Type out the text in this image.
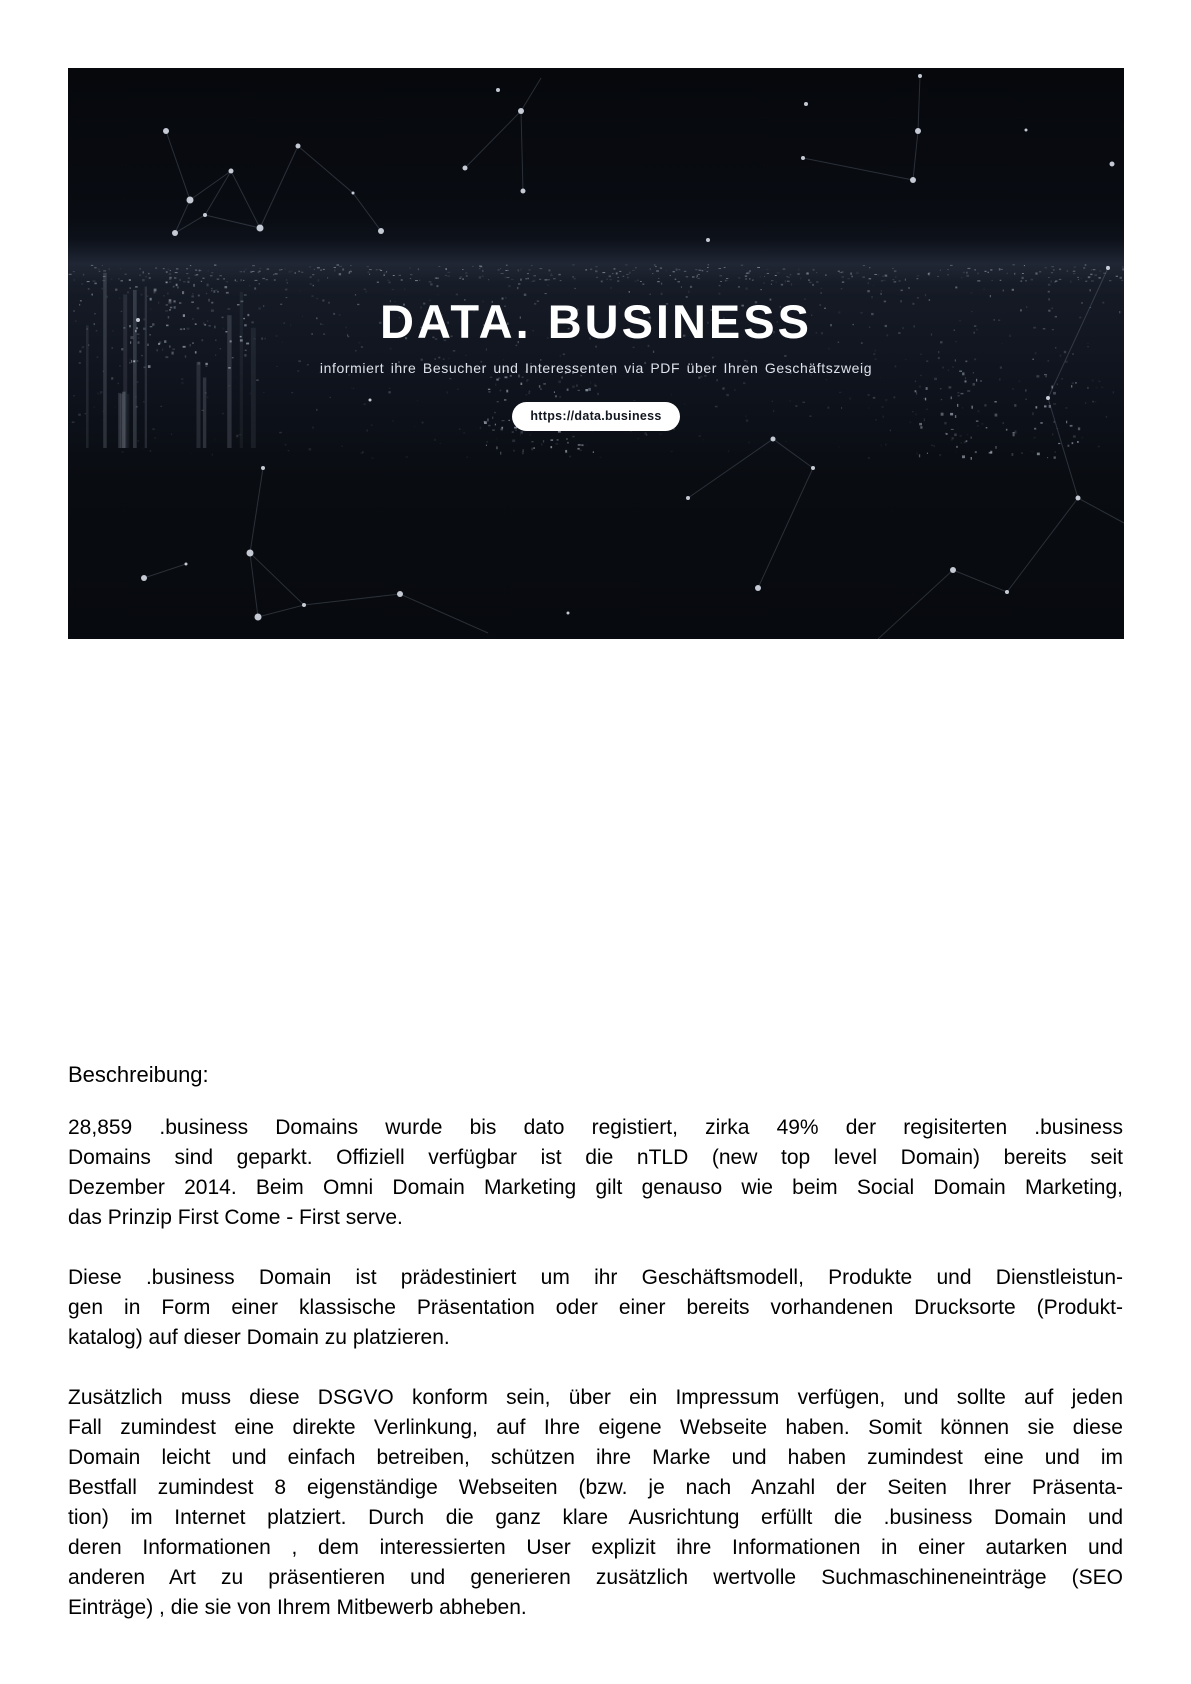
DATA. BUSINESS
informiert ihre Besucher und Interessenten via PDF über Ihren Geschäftszweig
https://data.business
Beschreibung:
28,859 .business Domains wurde bis dato registiert, zirka 49% der regisiterten .business
Domains sind geparkt. Offiziell verfügbar ist die nTLD (new top level Domain) bereits seit
Dezember 2014. Beim Omni Domain Marketing gilt genauso wie beim Social Domain Marketing,
das Prinzip First Come - First serve.
Diese .business Domain ist prädestiniert um ihr Geschäftsmodell, Produkte und Dienstleistun-
gen in Form einer klassische Präsentation oder einer bereits vorhandenen Drucksorte (Produkt-
katalog) auf dieser Domain zu platzieren.
Zusätzlich muss diese DSGVO konform sein, über ein Impressum verfügen, und sollte auf jeden
Fall zumindest eine direkte Verlinkung, auf Ihre eigene Webseite haben. Somit können sie diese
Domain leicht und einfach betreiben, schützen ihre Marke und haben zumindest eine und im
Bestfall zumindest 8 eigenständige Webseiten (bzw. je nach Anzahl der Seiten Ihrer Präsenta-
tion) im Internet platziert. Durch die ganz klare Ausrichtung erfüllt die .business Domain und
deren Informationen , dem interessierten User explizit ihre Informationen in einer autarken und
anderen Art zu präsentieren und generieren zusätzlich wertvolle Suchmaschineneinträge (SEO
Einträge) , die sie von Ihrem Mitbewerb abheben.
